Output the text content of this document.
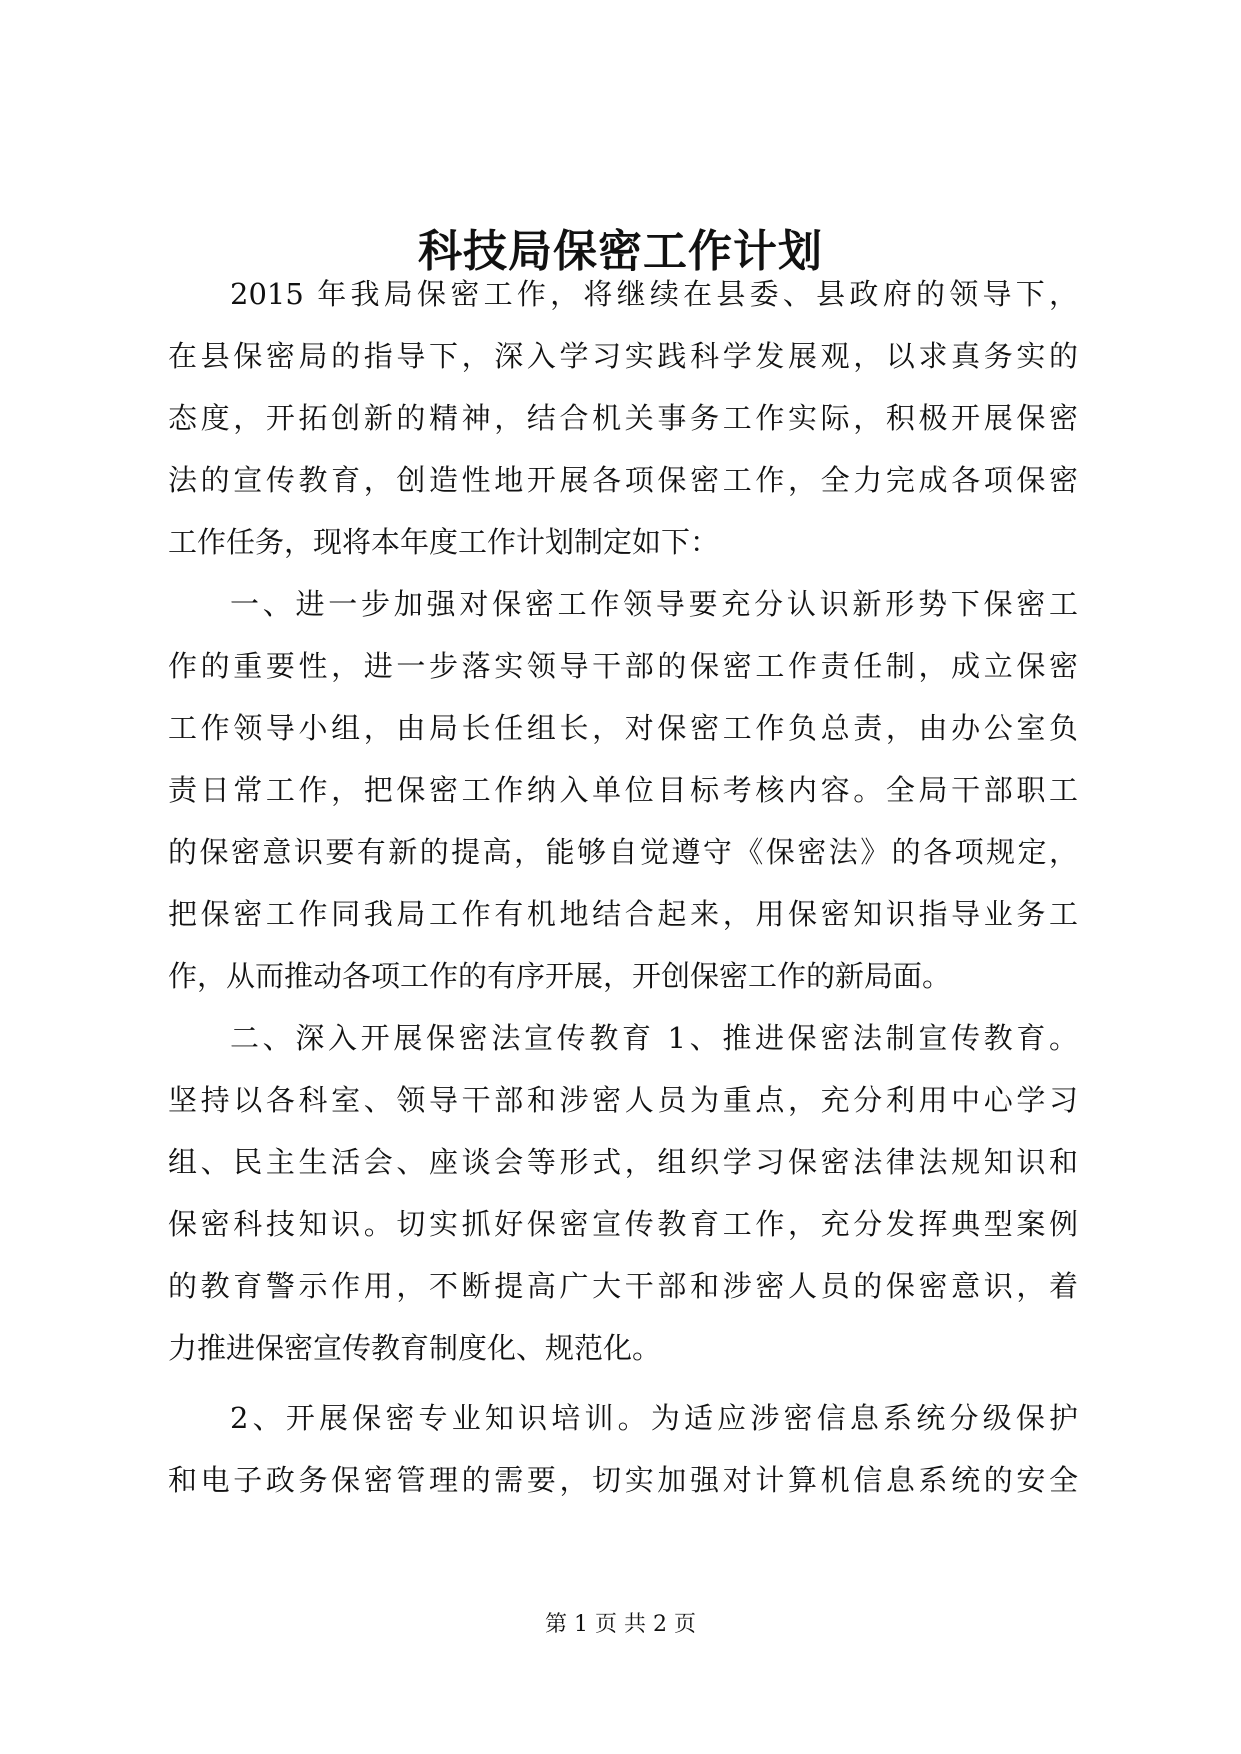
科技局保密工作计划
2015 年我局保密工作，将继续在县委、县政府的领导下，
在县保密局的指导下，深入学习实践科学发展观，以求真务实的
态度，开拓创新的精神，结合机关事务工作实际，积极开展保密
法的宣传教育，创造性地开展各项保密工作，全力完成各项保密
工作任务，现将本年度工作计划制定如下：
一、进一步加强对保密工作领导要充分认识新形势下保密工
作的重要性，进一步落实领导干部的保密工作责任制，成立保密
工作领导小组，由局长任组长，对保密工作负总责，由办公室负
责日常工作，把保密工作纳入单位目标考核内容。全局干部职工
的保密意识要有新的提高，能够自觉遵守《保密法》的各项规定，
把保密工作同我局工作有机地结合起来，用保密知识指导业务工
作，从而推动各项工作的有序开展，开创保密工作的新局面。
二、深入开展保密法宣传教育 1、推进保密法制宣传教育。
坚持以各科室、领导干部和涉密人员为重点，充分利用中心学习
组、民主生活会、座谈会等形式，组织学习保密法律法规知识和
保密科技知识。切实抓好保密宣传教育工作，充分发挥典型案例
的教育警示作用，不断提高广大干部和涉密人员的保密意识，着
力推进保密宣传教育制度化、规范化。
2、开展保密专业知识培训。为适应涉密信息系统分级保护
和电子政务保密管理的需要，切实加强对计算机信息系统的安全
第 1 页 共 2 页
